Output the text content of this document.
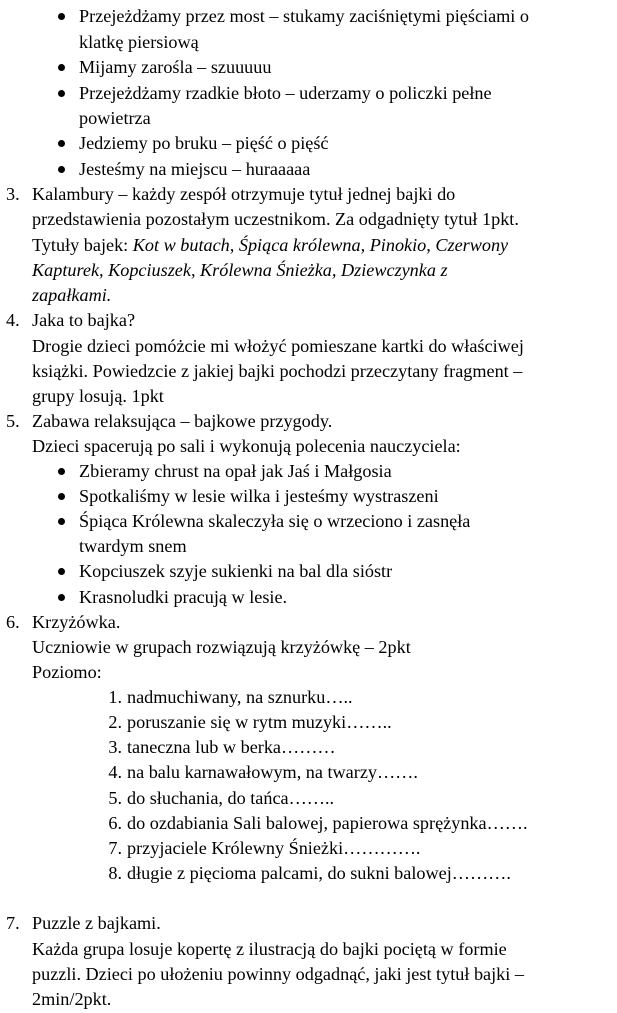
Przejeżdżamy przez most – stukamy zaciśniętymi pięściami o
klatkę piersiową
Mijamy zarośla – szuuuuu
Przejeżdżamy rzadkie błoto – uderzamy o policzki pełne
powietrza
Jedziemy po bruku – pięść o pięść
Jesteśmy na miejscu – huraaaaa
3. Kalambury – każdy zespół otrzymuje tytuł jednej bajki do
przedstawienia pozostałym uczestnikom. Za odgadnięty tytuł 1pkt.
Tytuły bajek: Kot w butach, Śpiąca królewna, Pinokio, Czerwony
Kapturek, Kopciuszek, Królewna Śnieżka, Dziewczynka z
zapałkami.
4. Jaka to bajka?
Drogie dzieci pomóżcie mi włożyć pomieszane kartki do właściwej
książki. Powiedzcie z jakiej bajki pochodzi przeczytany fragment –
grupy losują. 1pkt
5. Zabawa relaksująca – bajkowe przygody.
Dzieci spacerują po sali i wykonują polecenia nauczyciela:
Zbieramy chrust na opał jak Jaś i Małgosia
Spotkaliśmy w lesie wilka i jesteśmy wystraszeni
Śpiąca Królewna skaleczyła się o wrzeciono i zasnęła
twardym snem
Kopciuszek szyje sukienki na bal dla sióstr
Krasnoludki pracują w lesie.
6. Krzyżówka.
Uczniowie w grupach rozwiązują krzyżówkę – 2pkt
Poziomo:
1. nadmuchiwany, na sznurku…..
2. poruszanie się w rytm muzyki……..
3. taneczna lub w berka………
4. na balu karnawałowym, na twarzy…….
5. do słuchania, do tańca……..
6. do ozdabiania Sali balowej, papierowa sprężynka…….
7. przyjaciele Królewny Śnieżki………….
8. długie z pięcioma palcami, do sukni balowej……….
7. Puzzle z bajkami.
Każda grupa losuje kopertę z ilustracją do bajki pociętą w formie
puzzli. Dzieci po ułożeniu powinny odgadnąć, jaki jest tytuł bajki –
2min/2pkt.
